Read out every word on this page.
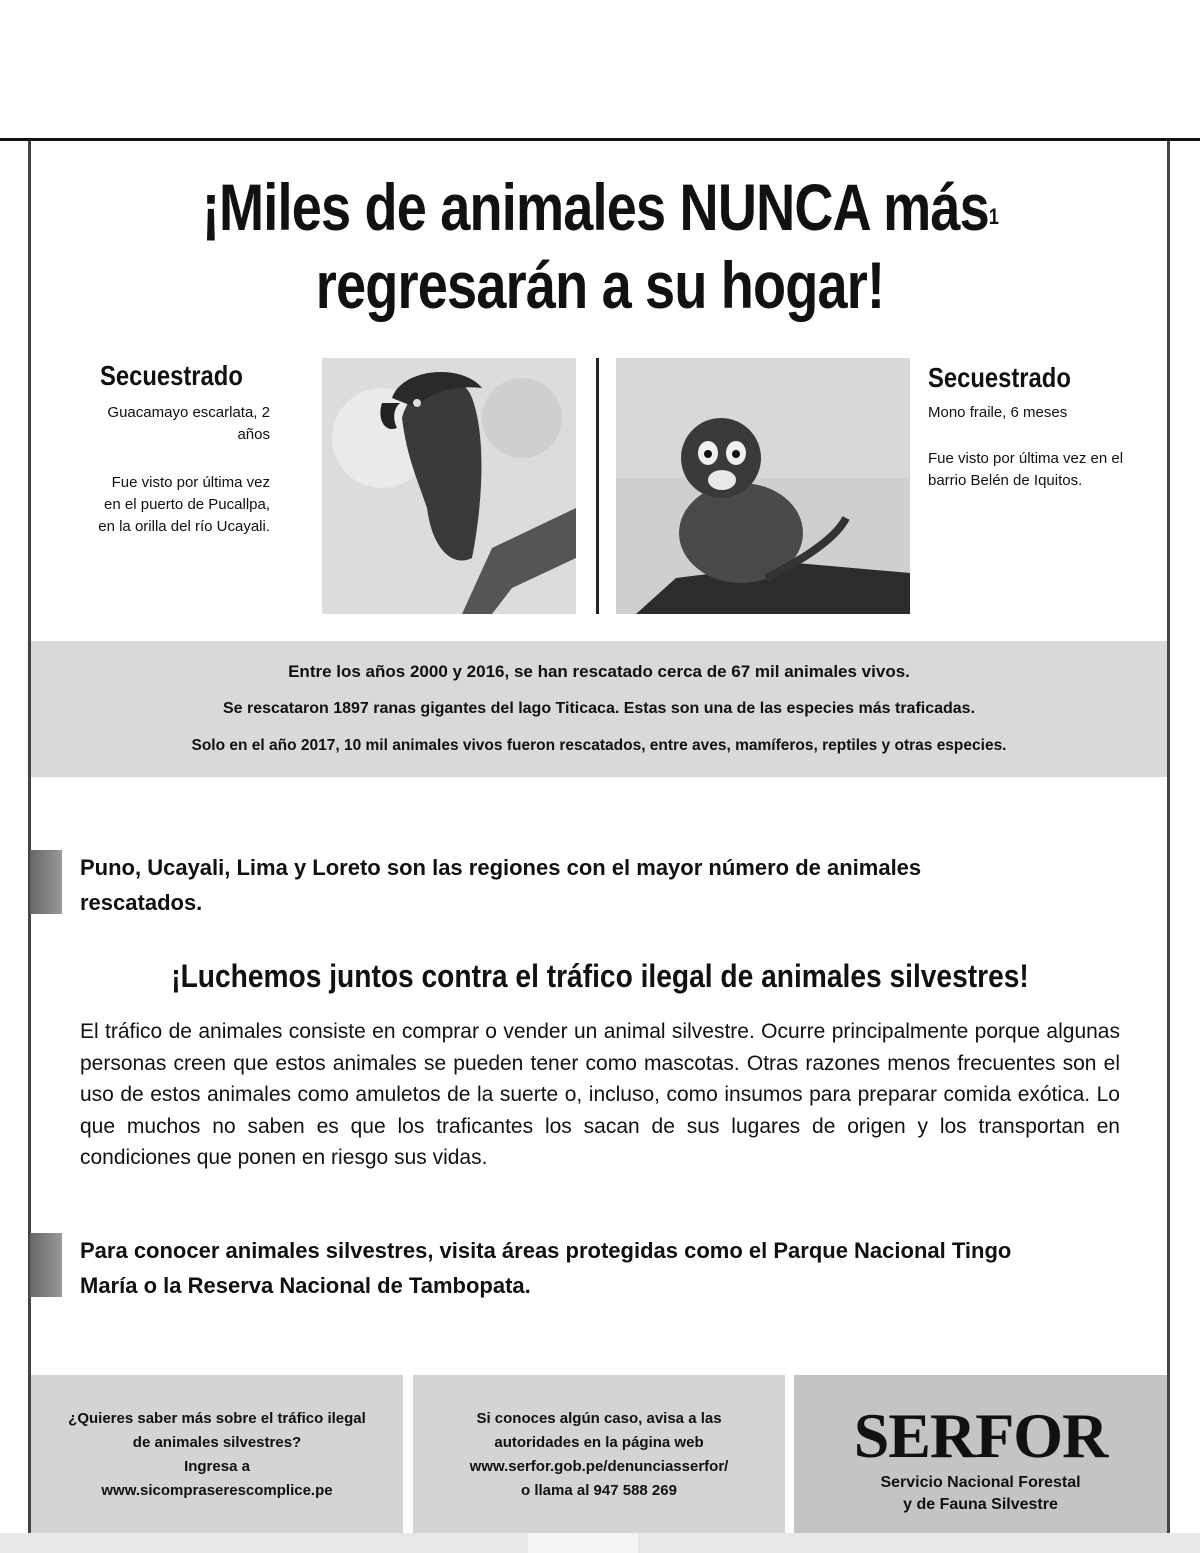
¡Miles de animales NUNCA más$^1$
regresarán a su hogar!
Secuestrado
Guacamayo escarlata, 2 años
Fue visto por última vez en el puerto de Pucallpa, en la orilla del río Ucayali.
Secuestrado
Mono fraile, 6 meses
Fue visto por última vez en el barrio Belén de Iquitos.
Entre los años 2000 y 2016, se han rescatado cerca de 67 mil animales vivos.
Se rescataron 1897 ranas gigantes del lago Titicaca. Estas son una de las especies más traficadas.
Solo en el año 2017, 10 mil animales vivos fueron rescatados, entre aves, mamíferos, reptiles y otras especies.
Puno, Ucayali, Lima y Loreto son las regiones con el mayor número de animales rescatados.
¡Luchemos juntos contra el tráfico ilegal de animales silvestres!
El tráfico de animales consiste en comprar o vender un animal silvestre. Ocurre principalmente porque algunas personas creen que estos animales se pueden tener como mascotas. Otras razones menos frecuentes son el uso de estos animales como amuletos de la suerte o, incluso, como insumos para preparar comida exótica. Lo que muchos no saben es que los traficantes los sacan de sus lugares de origen y los transportan en condiciones que ponen en riesgo sus vidas.
Para conocer animales silvestres, visita áreas protegidas como el Parque Nacional Tingo María o la Reserva Nacional de Tambopata.
¿Quieres saber más sobre el tráfico ilegal de animales silvestres?
Ingresa a
www.sicompraserescomplice.pe
Si conoces algún caso, avisa a las autoridades en la página web
www.serfor.gob.pe/denunciasserfor/
o llama al 947 588 269
SERFOR
Servicio Nacional Forestal
y de Fauna Silvestre
